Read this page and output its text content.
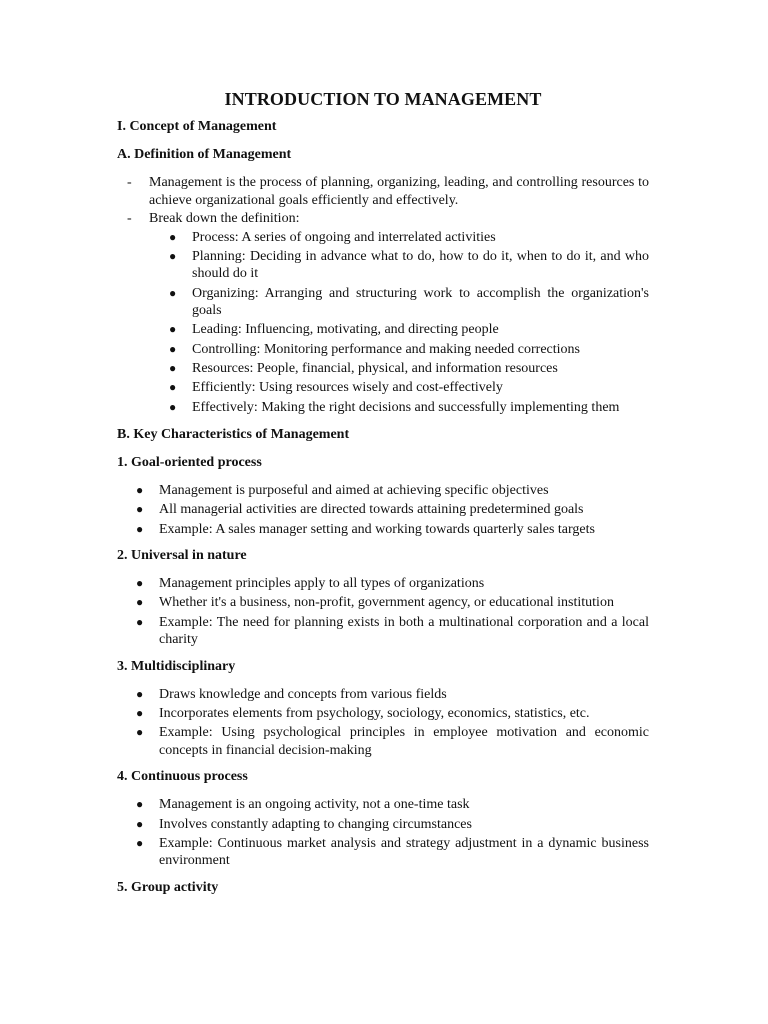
INTRODUCTION TO MANAGEMENT
I. Concept of Management
A. Definition of Management
- Management is the process of planning, organizing, leading, and controlling resources to achieve organizational goals efficiently and effectively.
- Break down the definition:
● Process: A series of ongoing and interrelated activities
● Planning: Deciding in advance what to do, how to do it, when to do it, and who should do it
● Organizing: Arranging and structuring work to accomplish the organization's goals
● Leading: Influencing, motivating, and directing people
● Controlling: Monitoring performance and making needed corrections
● Resources: People, financial, physical, and information resources
● Efficiently: Using resources wisely and cost-effectively
● Effectively: Making the right decisions and successfully implementing them
B. Key Characteristics of Management
1. Goal-oriented process
● Management is purposeful and aimed at achieving specific objectives
● All managerial activities are directed towards attaining predetermined goals
● Example: A sales manager setting and working towards quarterly sales targets
2. Universal in nature
● Management principles apply to all types of organizations
● Whether it's a business, non-profit, government agency, or educational institution
● Example: The need for planning exists in both a multinational corporation and a local charity
3. Multidisciplinary
● Draws knowledge and concepts from various fields
● Incorporates elements from psychology, sociology, economics, statistics, etc.
● Example: Using psychological principles in employee motivation and economic concepts in financial decision-making
4. Continuous process
● Management is an ongoing activity, not a one-time task
● Involves constantly adapting to changing circumstances
● Example: Continuous market analysis and strategy adjustment in a dynamic business environment
5. Group activity
